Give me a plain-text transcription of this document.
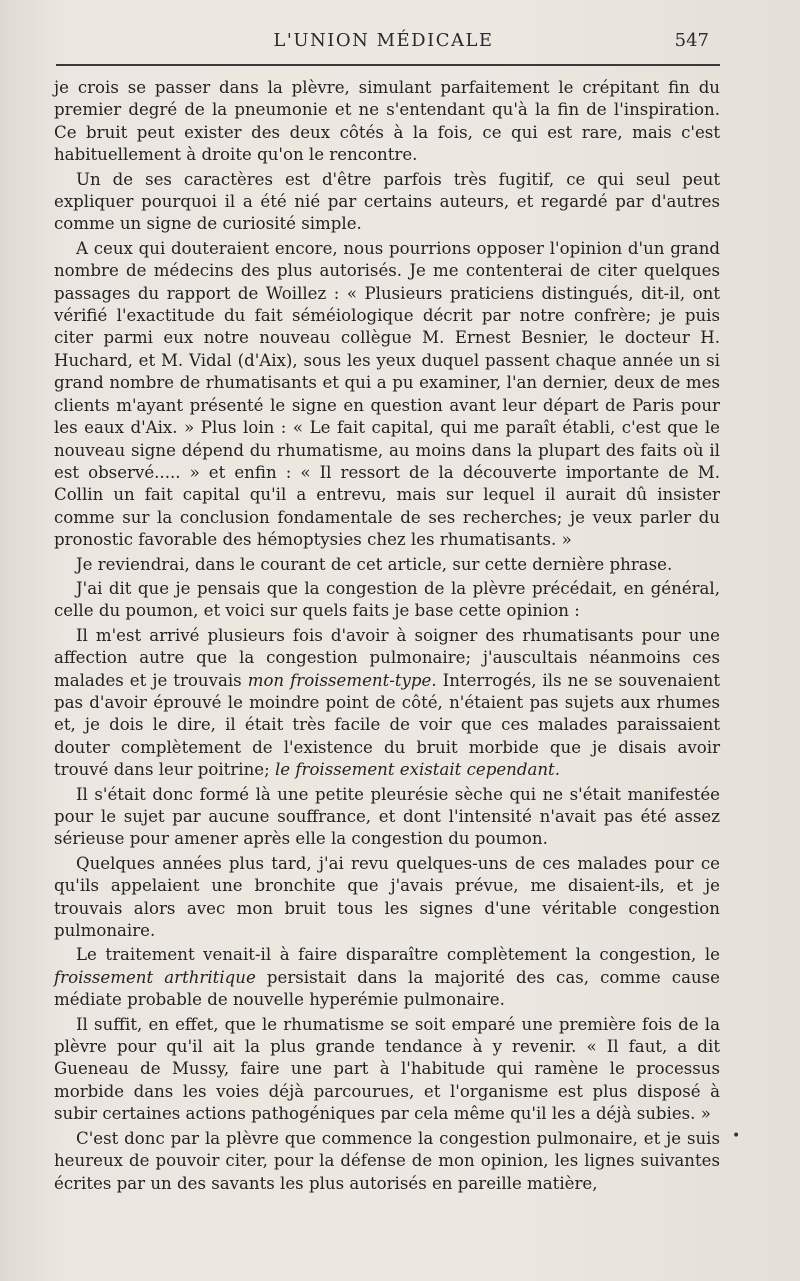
L'UNION MÉDICALE	547

je crois se passer dans la plèvre, simulant parfaitement le crépitant fin du premier degré de la pneumonie et ne s'entendant qu'à la fin de l'inspiration. Ce bruit peut exister des deux côtés à la fois, ce qui est rare, mais c'est habituellement à droite qu'on le rencontre.

Un de ses caractères est d'être parfois très fugitif, ce qui seul peut expliquer pourquoi il a été nié par certains auteurs, et regardé par d'autres comme un signe de curiosité simple.

A ceux qui douteraient encore, nous pourrions opposer l'opinion d'un grand nombre de médecins des plus autorisés. Je me contenterai de citer quelques passages du rapport de Woillez : « Plusieurs praticiens distingués, dit-il, ont vérifié l'exactitude du fait séméiologique décrit par notre confrère; je puis citer parmi eux notre nouveau collègue M. Ernest Besnier, le docteur H. Huchard, et M. Vidal (d'Aix), sous les yeux duquel passent chaque année un si grand nombre de rhumatisants et qui a pu examiner, l'an dernier, deux de mes clients m'ayant présenté le signe en question avant leur départ de Paris pour les eaux d'Aix. » Plus loin : « Le fait capital, qui me paraît établi, c'est que le nouveau signe dépend du rhumatisme, au moins dans la plupart des faits où il est observé..... » et enfin : « Il ressort de la découverte importante de M. Collin un fait capital qu'il a entrevu, mais sur lequel il aurait dû insister comme sur la conclusion fondamentale de ses recherches; je veux parler du pronostic favorable des hémoptysies chez les rhumatisants. »

Je reviendrai, dans le courant de cet article, sur cette dernière phrase.

J'ai dit que je pensais que la congestion de la plèvre précédait, en général, celle du poumon, et voici sur quels faits je base cette opinion :

Il m'est arrivé plusieurs fois d'avoir à soigner des rhumatisants pour une affection autre que la congestion pulmonaire; j'auscultais néanmoins ces malades et je trouvais mon froissement-type. Interrogés, ils ne se souvenaient pas d'avoir éprouvé le moindre point de côté, n'étaient pas sujets aux rhumes et, je dois le dire, il était très facile de voir que ces malades paraissaient douter complètement de l'existence du bruit morbide que je disais avoir trouvé dans leur poitrine; le froissement existait cependant.

Il s'était donc formé là une petite pleurésie sèche qui ne s'était manifestée pour le sujet par aucune souffrance, et dont l'intensité n'avait pas été assez sérieuse pour amener après elle la congestion du poumon.

Quelques années plus tard, j'ai revu quelques-uns de ces malades pour ce qu'ils appelaient une bronchite que j'avais prévue, me disaient-ils, et je trouvais alors avec mon bruit tous les signes d'une véritable congestion pulmonaire.

Le traitement venait-il à faire disparaître complètement la congestion, le froissement arthritique persistait dans la majorité des cas, comme cause médiate probable de nouvelle hyperémie pulmonaire.

Il suffit, en effet, que le rhumatisme se soit emparé une première fois de la plèvre pour qu'il ait la plus grande tendance à y revenir. « Il faut, a dit Gueneau de Mussy, faire une part à l'habitude qui ramène le processus morbide dans les voies déjà parcourues, et l'organisme est plus disposé à subir certaines actions pathogéniques par cela même qu'il les a déjà subies. »

C'est donc par la plèvre que commence la congestion pulmonaire, et je suis heureux de pouvoir citer, pour la défense de mon opinion, les lignes suivantes écrites par un des savants les plus autorisés en pareille matière,

•
